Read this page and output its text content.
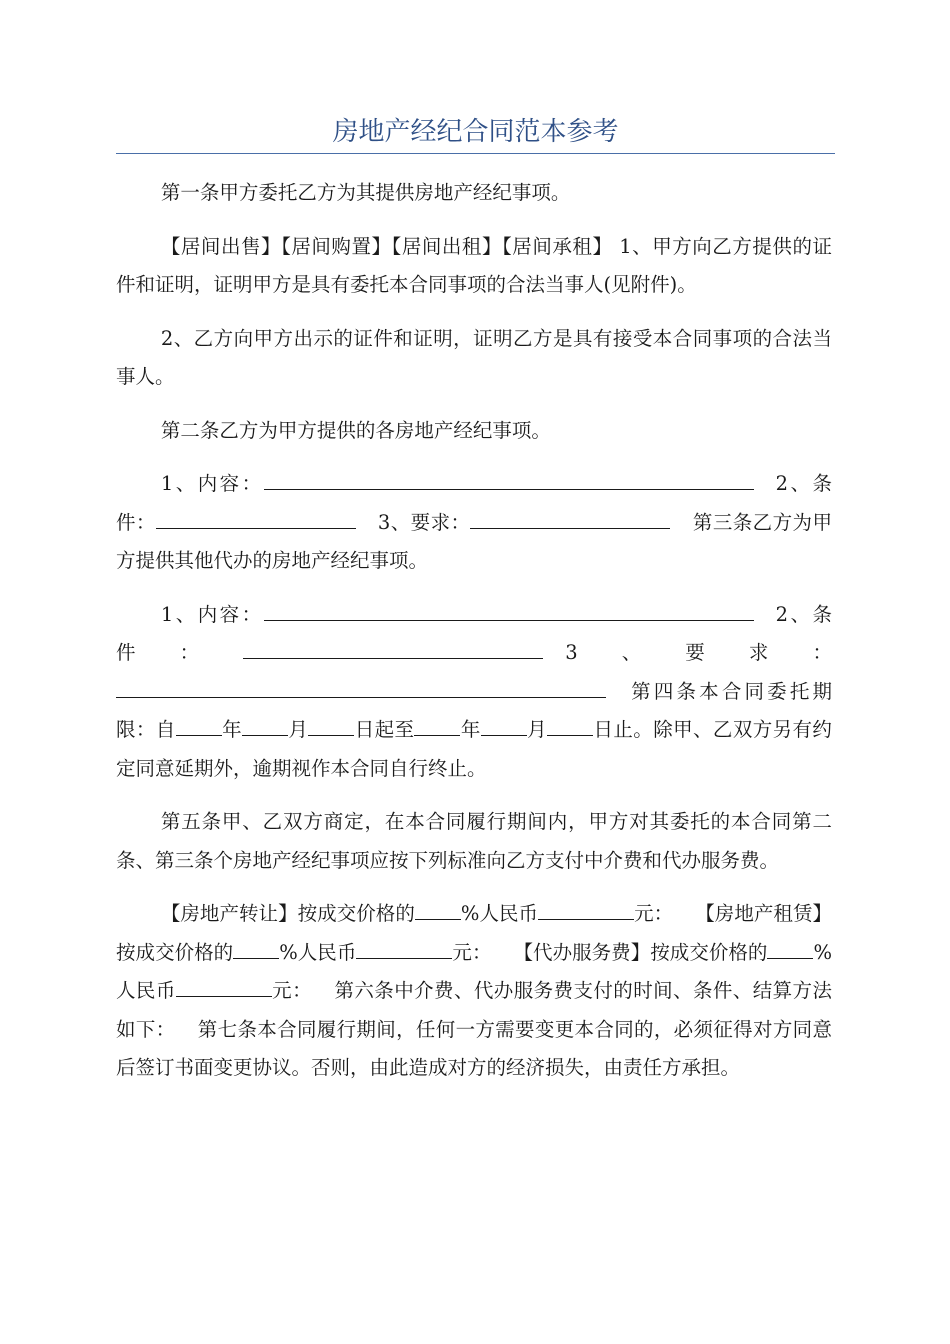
房地产经纪合同范本参考

第一条甲方委托乙方为其提供房地产经纪事项。

【居间出售】【居间购置】【居间出租】【居间承租】 1、甲方向乙方提供的证件和证明，证明甲方是具有委托本合同事项的合法当事人(见附件)。

2、乙方向甲方出示的证件和证明，证明乙方是具有接受本合同事项的合法当事人。

第二条乙方为甲方提供的各房地产经纪事项。

1、内容：	2、条件：	3、要求：	第三条乙方为甲方提供其他代办的房地产经纪事项。

1、内容：	2、条件：	3、要求：第四条本合同委托期限：自 年 月 日起至 年 月 日止。除甲、乙双方另有约定同意延期外，逾期视作本合同自行终止。

第五条甲、乙双方商定，在本合同履行期间内，甲方对其委托的本合同第二条、第三条个房地产经纪事项应按下列标准向乙方支付中介费和代办服务费。

【房地产转让】按成交价格的 %人民币	元： 【房地产租赁】按成交价格的 %人民币	元： 【代办服务费】按成交价格的 %人民币	元： 第六条中介费、代办服务费支付的时间、条件、结算方法如下： 第七条本合同履行期间，任何一方需要变更本合同的，必须征得对方同意后签订书面变更协议。否则，由此造成对方的经济损失，由责任方承担。
